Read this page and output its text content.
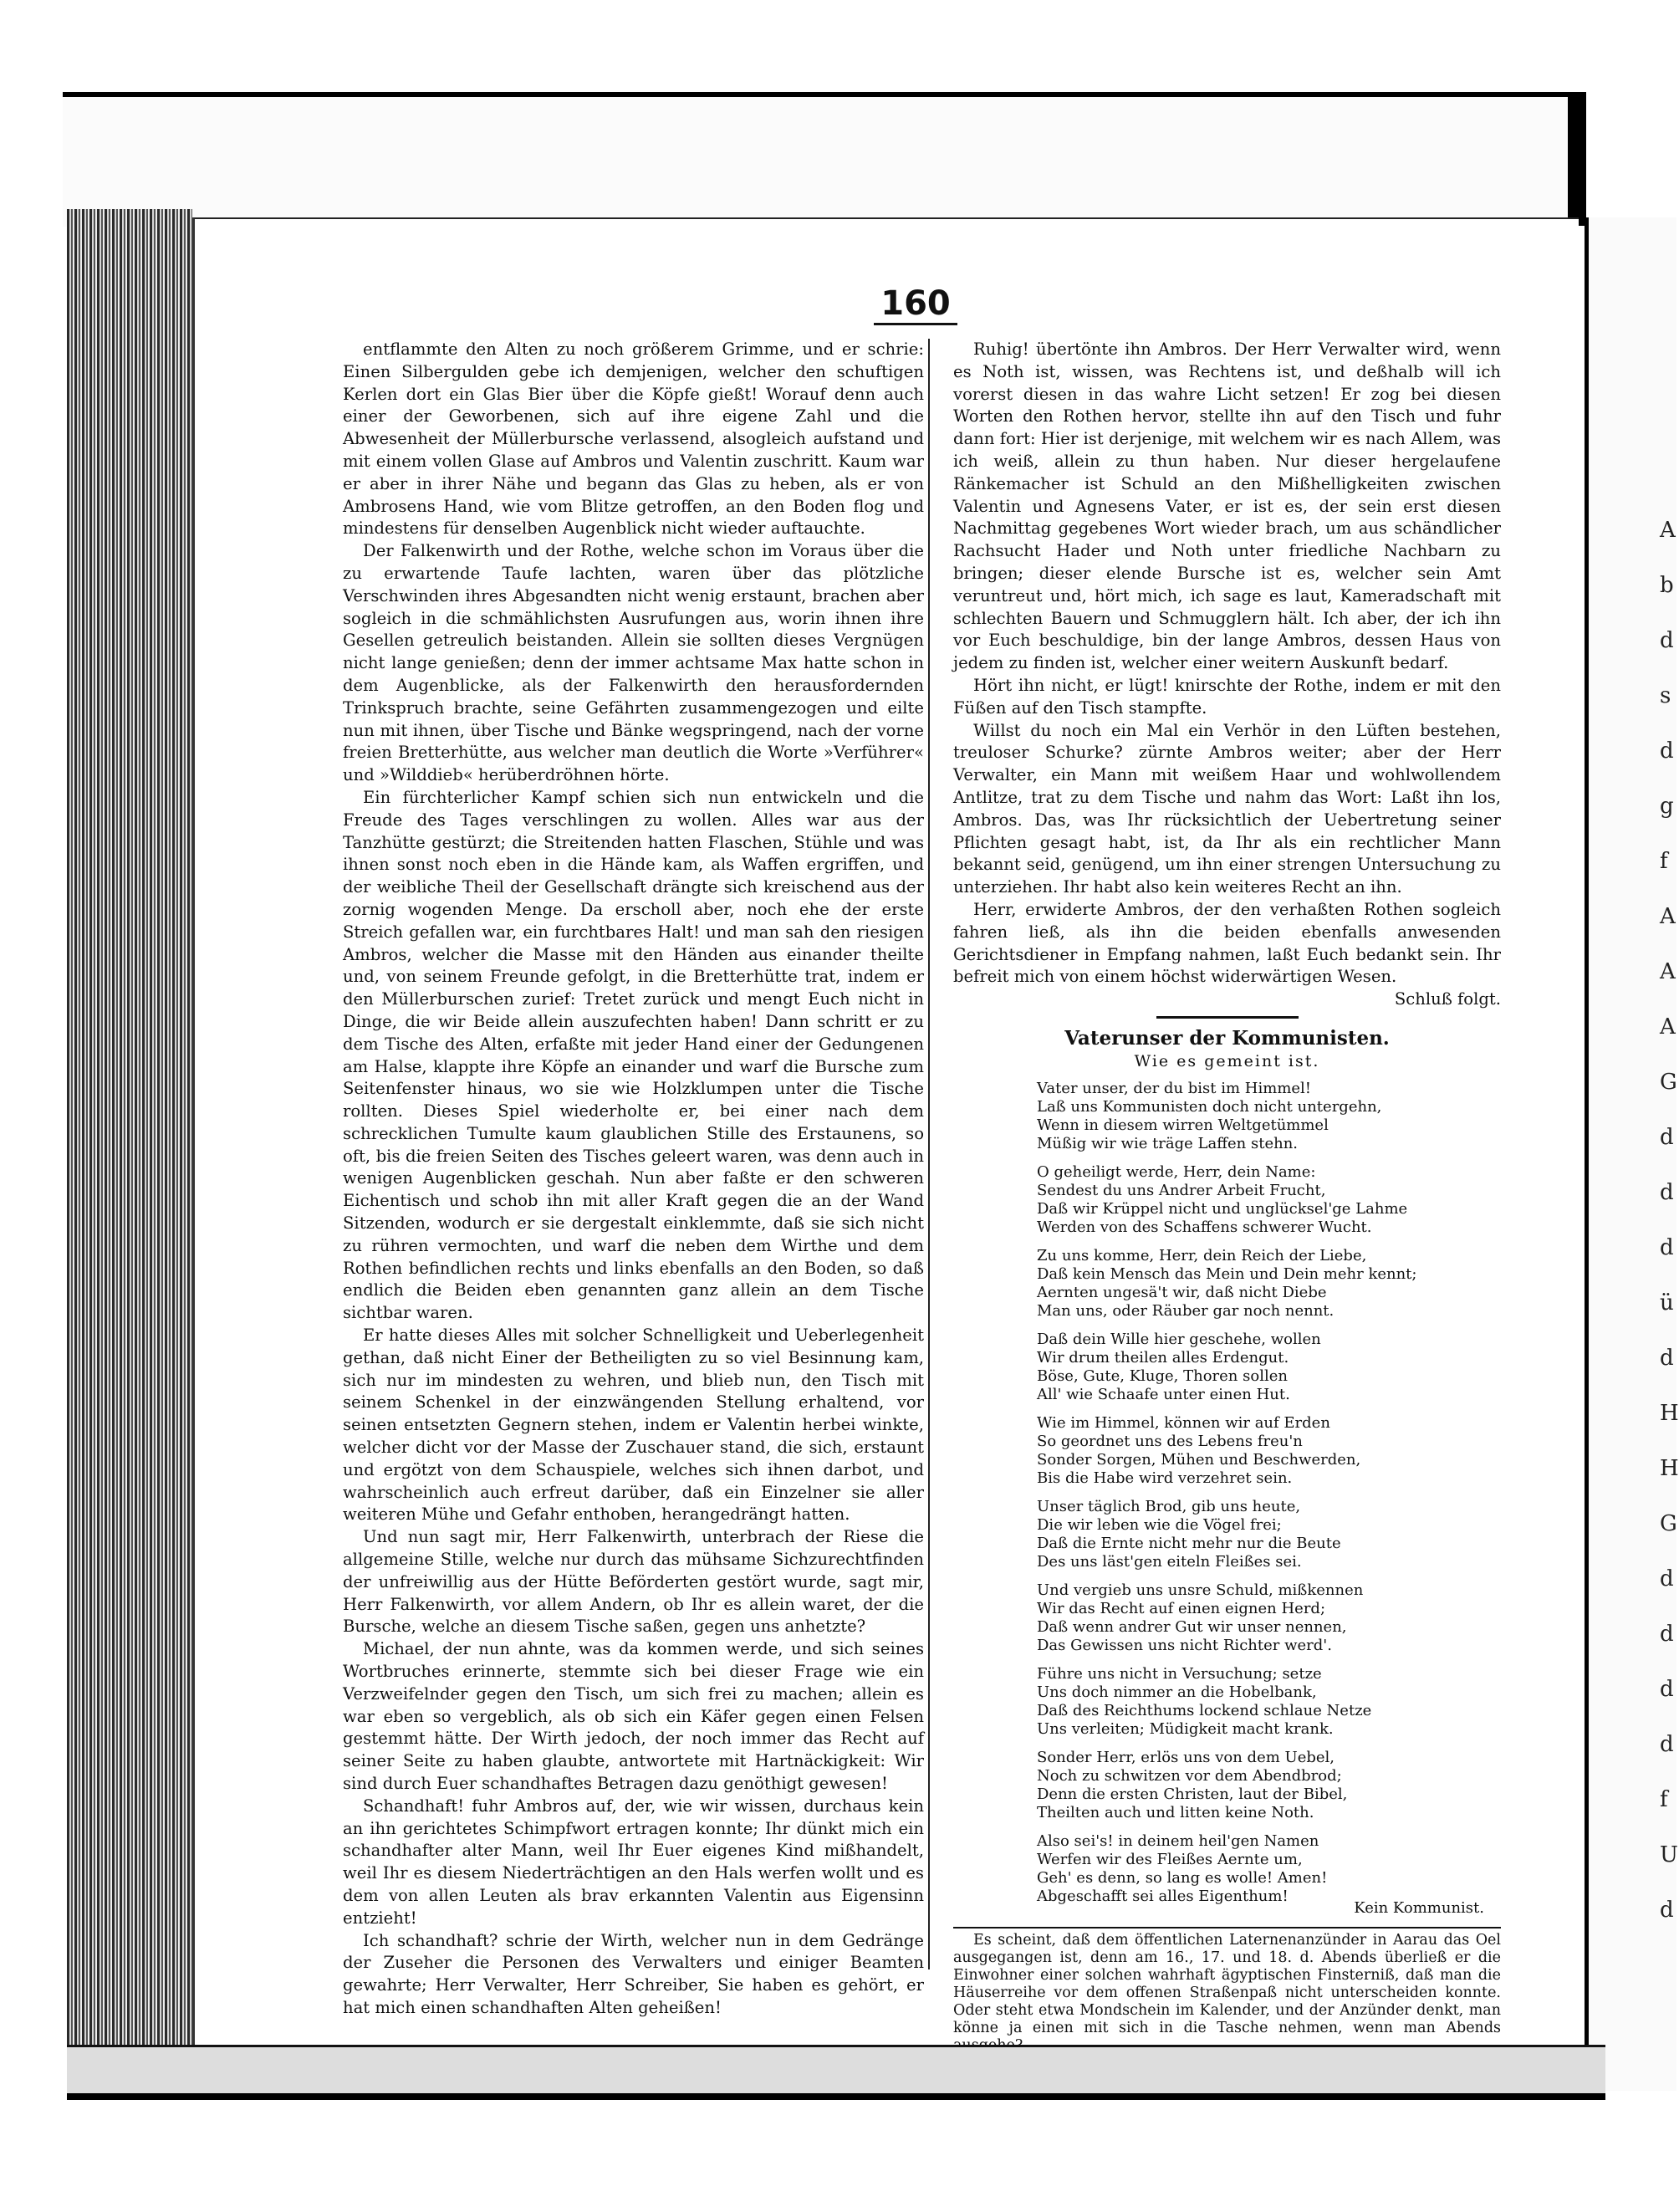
A
b
d
s
d
g
f
A
A
A
G
d
d
d
ü
d
H
H
G
d
d
d
d
f
U
d
160

entflammte den Alten zu noch größerem Grimme, und er schrie: Einen Silbergulden gebe ich demjenigen, welcher den schuftigen Kerlen dort ein Glas Bier über die Köpfe gießt! Worauf denn auch einer der Geworbenen, sich auf ihre eigene Zahl und die Abwesenheit der Müllerbursche verlassend, alsogleich aufstand und mit einem vollen Glase auf Ambros und Valentin zuschritt. Kaum war er aber in ihrer Nähe und begann das Glas zu heben, als er von Ambrosens Hand, wie vom Blitze getroffen, an den Boden flog und mindestens für denselben Augenblick nicht wieder auftauchte.

Der Falkenwirth und der Rothe, welche schon im Voraus über die zu erwartende Taufe lachten, waren über das plötzliche Verschwinden ihres Abgesandten nicht wenig erstaunt, brachen aber sogleich in die schmählichsten Ausrufungen aus, worin ihnen ihre Gesellen getreulich beistanden. Allein sie sollten dieses Vergnügen nicht lange genießen; denn der immer achtsame Max hatte schon in dem Augenblicke, als der Falkenwirth den herausfordernden Trinkspruch brachte, seine Gefährten zusammengezogen und eilte nun mit ihnen, über Tische und Bänke wegspringend, nach der vorne freien Bretterhütte, aus welcher man deutlich die Worte »Verführer« und »Wilddieb« herüberdröhnen hörte.

Ein fürchterlicher Kampf schien sich nun entwickeln und die Freude des Tages verschlingen zu wollen. Alles war aus der Tanzhütte gestürzt; die Streitenden hatten Flaschen, Stühle und was ihnen sonst noch eben in die Hände kam, als Waffen ergriffen, und der weibliche Theil der Gesellschaft drängte sich kreischend aus der zornig wogenden Menge. Da erscholl aber, noch ehe der erste Streich gefallen war, ein furchtbares Halt! und man sah den riesigen Ambros, welcher die Masse mit den Händen aus einander theilte und, von seinem Freunde gefolgt, in die Bretterhütte trat, indem er den Müllerburschen zurief: Tretet zurück und mengt Euch nicht in Dinge, die wir Beide allein auszufechten haben! Dann schritt er zu dem Tische des Alten, erfaßte mit jeder Hand einer der Gedungenen am Halse, klappte ihre Köpfe an einander und warf die Bursche zum Seitenfenster hinaus, wo sie wie Holzklumpen unter die Tische rollten. Dieses Spiel wiederholte er, bei einer nach dem schrecklichen Tumulte kaum glaublichen Stille des Erstaunens, so oft, bis die freien Seiten des Tisches geleert waren, was denn auch in wenigen Augenblicken geschah. Nun aber faßte er den schweren Eichentisch und schob ihn mit aller Kraft gegen die an der Wand Sitzenden, wodurch er sie dergestalt einklemmte, daß sie sich nicht zu rühren vermochten, und warf die neben dem Wirthe und dem Rothen befindlichen rechts und links ebenfalls an den Boden, so daß endlich die Beiden eben genannten ganz allein an dem Tische sichtbar waren.

Er hatte dieses Alles mit solcher Schnelligkeit und Ueberlegenheit gethan, daß nicht Einer der Betheiligten zu so viel Besinnung kam, sich nur im mindesten zu wehren, und blieb nun, den Tisch mit seinem Schenkel in der einzwängenden Stellung erhaltend, vor seinen entsetzten Gegnern stehen, indem er Valentin herbei winkte, welcher dicht vor der Masse der Zuschauer stand, die sich, erstaunt und ergötzt von dem Schauspiele, welches sich ihnen darbot, und wahrscheinlich auch erfreut darüber, daß ein Einzelner sie aller weiteren Mühe und Gefahr enthoben, herangedrängt hatten.

Und nun sagt mir, Herr Falkenwirth, unterbrach der Riese die allgemeine Stille, welche nur durch das mühsame Sichzurechtfinden der unfreiwillig aus der Hütte Beförderten gestört wurde, sagt mir, Herr Falkenwirth, vor allem Andern, ob Ihr es allein waret, der die Bursche, welche an diesem Tische saßen, gegen uns anhetzte?

Michael, der nun ahnte, was da kommen werde, und sich seines Wortbruches erinnerte, stemmte sich bei dieser Frage wie ein Verzweifelnder gegen den Tisch, um sich frei zu machen; allein es war eben so vergeblich, als ob sich ein Käfer gegen einen Felsen gestemmt hätte. Der Wirth jedoch, der noch immer das Recht auf seiner Seite zu haben glaubte, antwortete mit Hartnäckigkeit: Wir sind durch Euer schandhaftes Betragen dazu genöthigt gewesen!

Schandhaft! fuhr Ambros auf, der, wie wir wissen, durchaus kein an ihn gerichtetes Schimpfwort ertragen konnte; Ihr dünkt mich ein schandhafter alter Mann, weil Ihr Euer eigenes Kind mißhandelt, weil Ihr es diesem Niederträchtigen an den Hals werfen wollt und es dem von allen Leuten als brav erkannten Valentin aus Eigensinn entzieht!

Ich schandhaft? schrie der Wirth, welcher nun in dem Gedränge der Zuseher die Personen des Verwalters und einiger Beamten gewahrte; Herr Verwalter, Herr Schreiber, Sie haben es gehört, er hat mich einen schandhaften Alten geheißen!

Ruhig! übertönte ihn Ambros. Der Herr Verwalter wird, wenn es Noth ist, wissen, was Rechtens ist, und deßhalb will ich vorerst diesen in das wahre Licht setzen! Er zog bei diesen Worten den Rothen hervor, stellte ihn auf den Tisch und fuhr dann fort: Hier ist derjenige, mit welchem wir es nach Allem, was ich weiß, allein zu thun haben. Nur dieser hergelaufene Ränkemacher ist Schuld an den Mißhelligkeiten zwischen Valentin und Agnesens Vater, er ist es, der sein erst diesen Nachmittag gegebenes Wort wieder brach, um aus schändlicher Rachsucht Hader und Noth unter friedliche Nachbarn zu bringen; dieser elende Bursche ist es, welcher sein Amt veruntreut und, hört mich, ich sage es laut, Kameradschaft mit schlechten Bauern und Schmugglern hält. Ich aber, der ich ihn vor Euch beschuldige, bin der lange Ambros, dessen Haus von jedem zu finden ist, welcher einer weitern Auskunft bedarf.

Hört ihn nicht, er lügt! knirschte der Rothe, indem er mit den Füßen auf den Tisch stampfte.

Willst du noch ein Mal ein Verhör in den Lüften bestehen, treuloser Schurke? zürnte Ambros weiter; aber der Herr Verwalter, ein Mann mit weißem Haar und wohlwollendem Antlitze, trat zu dem Tische und nahm das Wort: Laßt ihn los, Ambros. Das, was Ihr rücksichtlich der Uebertretung seiner Pflichten gesagt habt, ist, da Ihr als ein rechtlicher Mann bekannt seid, genügend, um ihn einer strengen Untersuchung zu unterziehen. Ihr habt also kein weiteres Recht an ihn.

Herr, erwiderte Ambros, der den verhaßten Rothen sogleich fahren ließ, als ihn die beiden ebenfalls anwesenden Gerichtsdiener in Empfang nahmen, laßt Euch bedankt sein. Ihr befreit mich von einem höchst widerwärtigen Wesen.

Schluß folgt.
Vaterunser der Kommunisten.
Wie es gemeint ist.
Vater unser, der du bist im Himmel!
Laß uns Kommunisten doch nicht untergehn,
Wenn in diesem wirren Weltgetümmel
Müßig wir wie träge Laffen stehn.
O geheiligt werde, Herr, dein Name:
Sendest du uns Andrer Arbeit Frucht,
Daß wir Krüppel nicht und unglücksel'ge Lahme
Werden von des Schaffens schwerer Wucht.
Zu uns komme, Herr, dein Reich der Liebe,
Daß kein Mensch das Mein und Dein mehr kennt;
Aernten ungesä't wir, daß nicht Diebe
Man uns, oder Räuber gar noch nennt.
Daß dein Wille hier geschehe, wollen
Wir drum theilen alles Erdengut.
Böse, Gute, Kluge, Thoren sollen
All' wie Schaafe unter einen Hut.
Wie im Himmel, können wir auf Erden
So geordnet uns des Lebens freu'n
Sonder Sorgen, Mühen und Beschwerden,
Bis die Habe wird verzehret sein.
Unser täglich Brod, gib uns heute,
Die wir leben wie die Vögel frei;
Daß die Ernte nicht mehr nur die Beute
Des uns läst'gen eiteln Fleißes sei.
Und vergieb uns unsre Schuld, mißkennen
Wir das Recht auf einen eignen Herd;
Daß wenn andrer Gut wir unser nennen,
Das Gewissen uns nicht Richter werd'.
Führe uns nicht in Versuchung; setze
Uns doch nimmer an die Hobelbank,
Daß des Reichthums lockend schlaue Netze
Uns verleiten; Müdigkeit macht krank.
Sonder Herr, erlös uns von dem Uebel,
Noch zu schwitzen vor dem Abendbrod;
Denn die ersten Christen, laut der Bibel,
Theilten auch und litten keine Noth.
Also sei's! in deinem heil'gen Namen
Werfen wir des Fleißes Aernte um,
Geh' es denn, so lang es wolle! Amen!
Abgeschafft sei alles Eigenthum!
Kein Kommunist.

Es scheint, daß dem öffentlichen Laternenanzünder in Aarau das Oel ausgegangen ist, denn am 16., 17. und 18. d. Abends überließ er die Einwohner einer solchen wahrhaft ägyptischen Finsterniß, daß man die Häuserreihe vor dem offenen Straßenpaß nicht unterscheiden konnte. Oder steht etwa Mondschein im Kalender, und der Anzünder denkt, man könne ja einen mit sich in die Tasche nehmen, wenn man Abends
